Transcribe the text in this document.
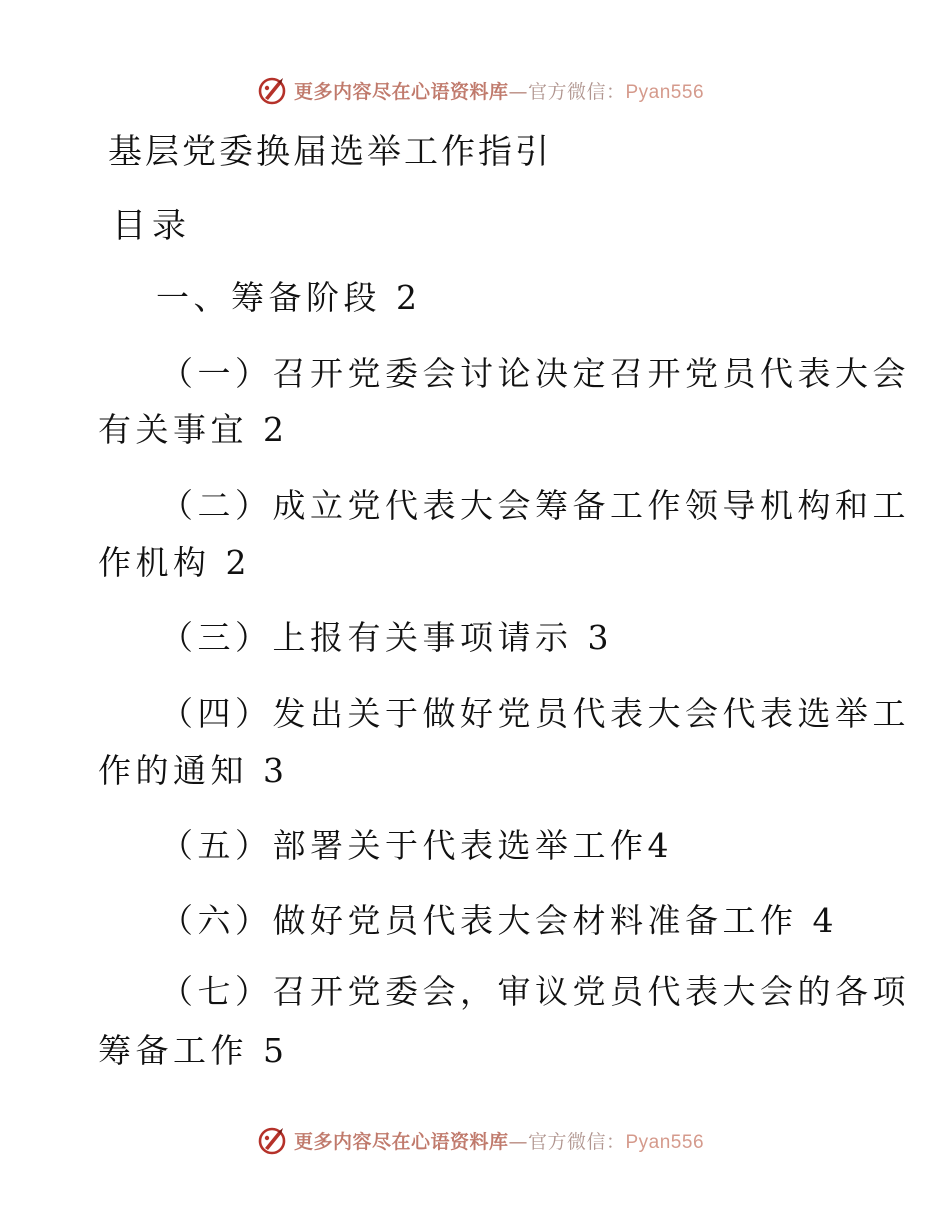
更多内容尽在心语资料库—官方微信：Pyan556
基层党委换届选举工作指引
目录
一、筹备阶段 2
（一）召开党委会讨论决定召开党员代表大会
有关事宜 2
（二）成立党代表大会筹备工作领导机构和工
作机构 2
（三）上报有关事项请示 3
（四）发出关于做好党员代表大会代表选举工
作的通知 3
（五）部署关于代表选举工作4
（六）做好党员代表大会材料准备工作 4
（七）召开党委会，审议党员代表大会的各项
筹备工作 5
更多内容尽在心语资料库—官方微信：Pyan556
